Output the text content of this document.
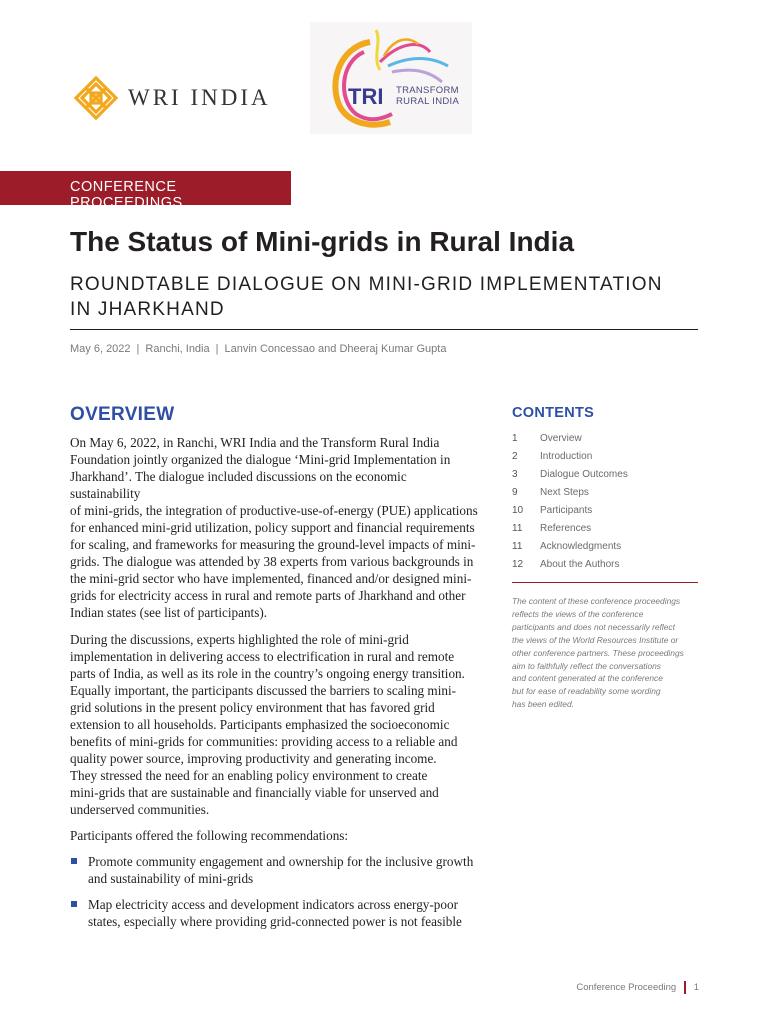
WRI INDIA	TRI TRANSFORM
RURAL INDIA
CONFERENCE PROCEEDINGS
The Status of Mini-grids in Rural India
ROUNDTABLE DIALOGUE ON MINI-GRID IMPLEMENTATION
IN JHARKHAND
May 6, 2022 | Ranchi, India | Lanvin Concessao and Dheeraj Kumar Gupta
OVERVIEW

On May 6, 2022, in Ranchi, WRI India and the Transform Rural India
Foundation jointly organized the dialogue ‘Mini-grid Implementation in
Jharkhand’. The dialogue included discussions on the economic sustainability
of mini-grids, the integration of productive-use-of-energy (PUE) applications
for enhanced mini-grid utilization, policy support and financial requirements
for scaling, and frameworks for measuring the ground-level impacts of mini-
grids. The dialogue was attended by 38 experts from various backgrounds in
the mini-grid sector who have implemented, financed and/or designed mini-
grids for electricity access in rural and remote parts of Jharkhand and other
Indian states (see list of participants).

During the discussions, experts highlighted the role of mini-grid
implementation in delivering access to electrification in rural and remote
parts of India, as well as its role in the country’s ongoing energy transition.
Equally important, the participants discussed the barriers to scaling mini-
grid solutions in the present policy environment that has favored grid
extension to all households. Participants emphasized the socioeconomic
benefits of mini-grids for communities: providing access to a reliable and
quality power source, improving productivity and generating income.
They stressed the need for an enabling policy environment to create
mini-grids that are sustainable and financially viable for unserved and
underserved communities.

Participants offered the following recommendations:

Promote community engagement and ownership for the inclusive growth
and sustainability of mini-grids
Map electricity access and development indicators across energy-poor
states, especially where providing grid-connected power is not feasible
CONTENTS
1	Overview
2	Introduction
3	Dialogue Outcomes
9	Next Steps
10	Participants
11	References
11	Acknowledgments
12	About the Authors
The content of these conference proceedings
reflects the views of the conference
participants and does not necessarily reflect
the views of the World Resources Institute or
other conference partners. These proceedings
aim to faithfully reflect the conversations
and content generated at the conference
but for ease of readability some wording
has been edited.
Conference Proceeding 1
